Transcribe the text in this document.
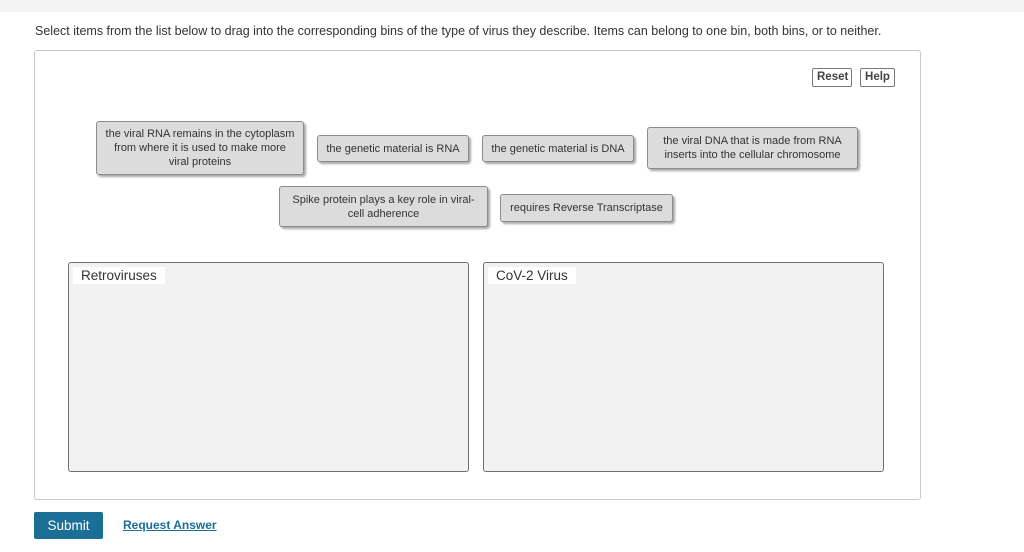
Select items from the list below to drag into the corresponding bins of the type of virus they describe. Items can belong to one bin, both bins, or to neither.
Reset	Help
the viral RNA remains in the cytoplasm from where it is used to make more viral proteins
the genetic material is RNA	the genetic material is DNA
the viral DNA that is made from RNA inserts into the cellular chromosome
Spike protein plays a key role in viral-cell adherence	requires Reverse Transcriptase
Retroviruses	CoV-2 Virus
Submit	Request Answer
